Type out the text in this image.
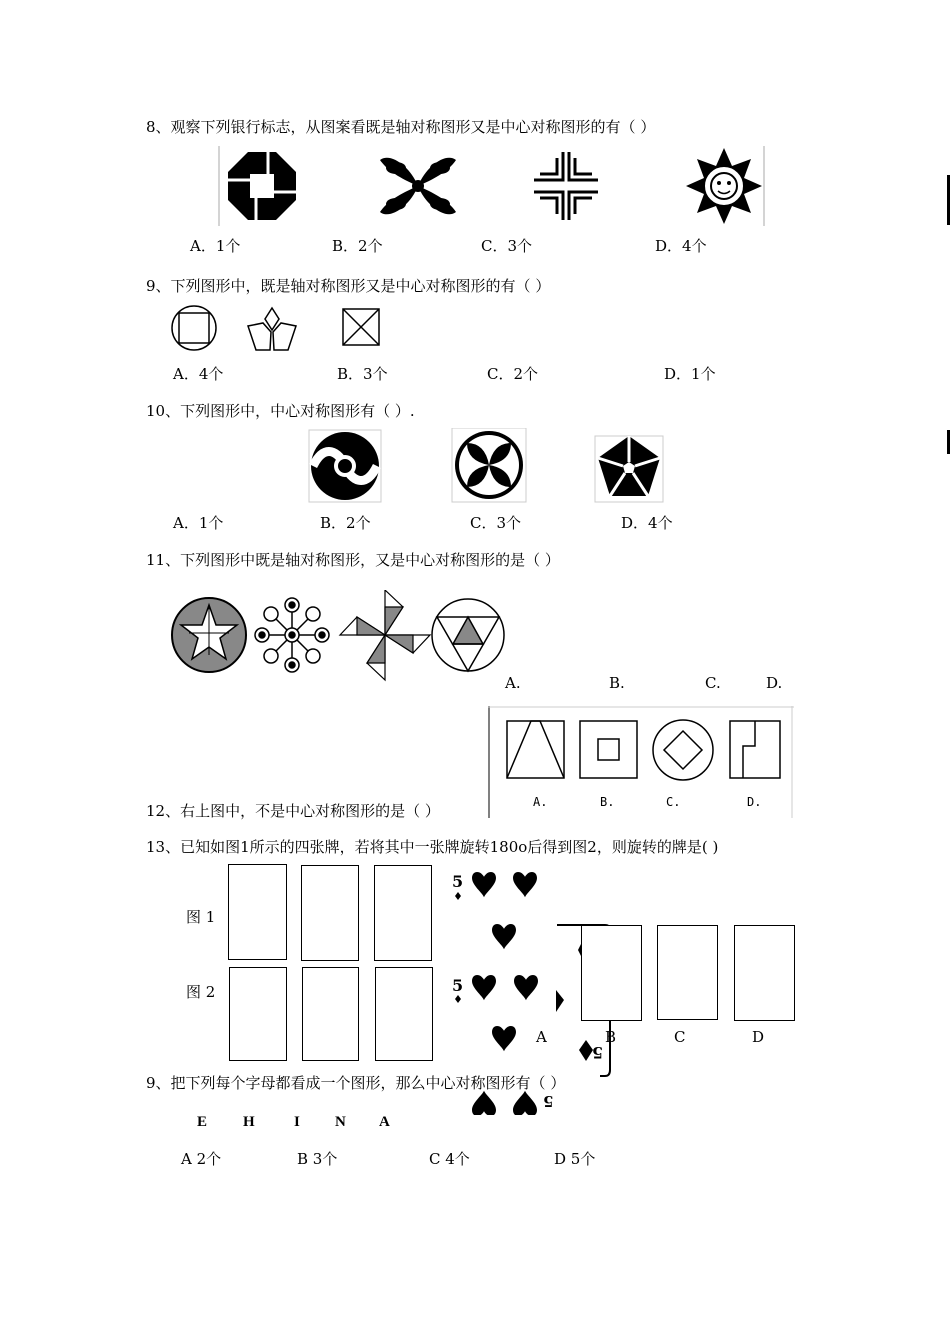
8、观察下列银行标志，从图案看既是轴对称图形又是中心对称图形的有（ ）
A．1个	B．2个	C．3个	D．4个
9、下列图形中，既是轴对称图形又是中心对称图形的有（ ）
A．4个	B．3个	C．2个	D．1个
10、下列图形中，中心对称图形有（ ）.
A．1个	B．2个	C．3个	D．4个
11、下列图形中既是轴对称图形，又是中心对称图形的是（ ）
A.	B.	C.	D.
A.	B.	C.	D.
12、右上图中，不是中心对称图形的是（ ）
13、已知如图1所示的四张牌，若将其中一张牌旋转180o后得到图2，则旋转的牌是( )
图 1
图 2
5
5
5
5
A	B	C	D
9、把下列每个字母都看成一个图形，那么中心对称图形有（ ）
E H	I N A
A 2个	B 3个	C 4个	D 5个
